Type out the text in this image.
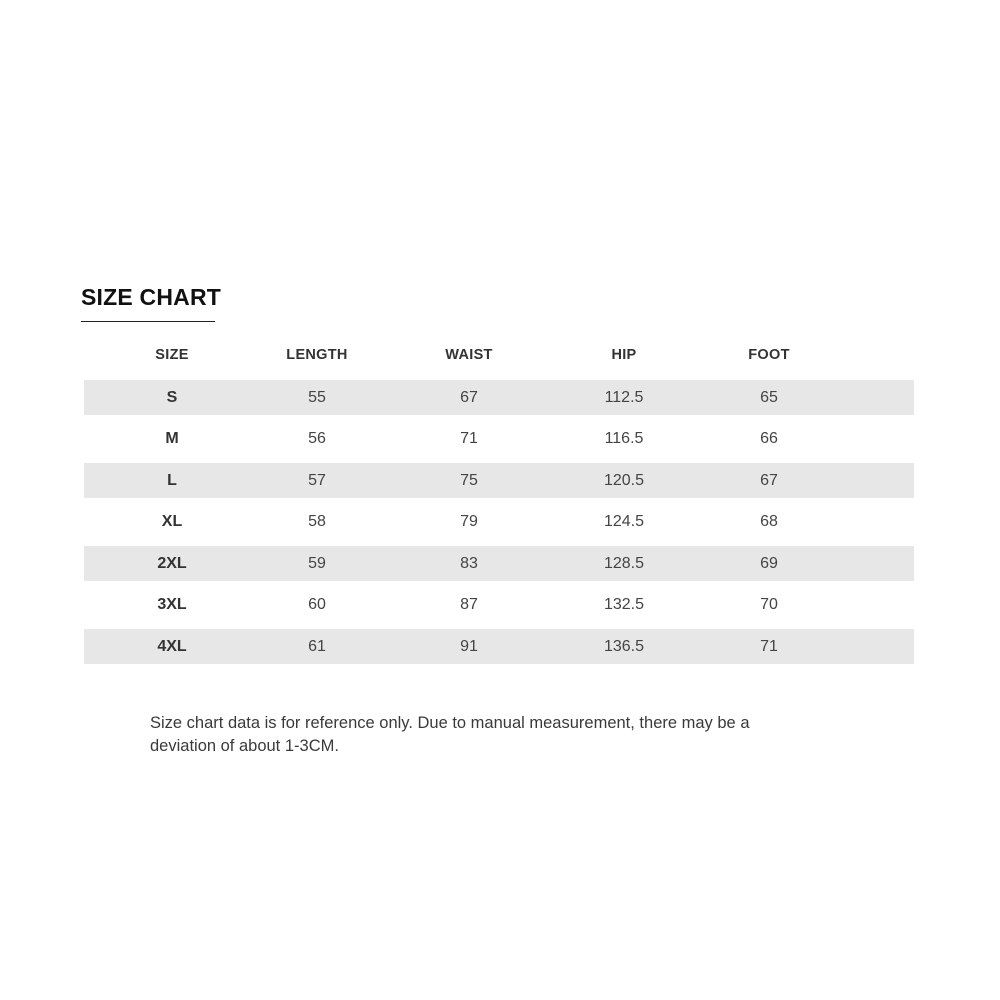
SIZE CHART
SIZE	LENGTH	WAIST	HIP	FOOT
S	55	67	112.5	65
M	56	71	116.5	66
L	57	75	120.5	67
XL	58	79	124.5	68
2XL	59	83	128.5	69
3XL	60	87	132.5	70
4XL	61	91	136.5	71

Size chart data is for reference only. Due to manual measurement, there may be a deviation of about 1-3CM.
